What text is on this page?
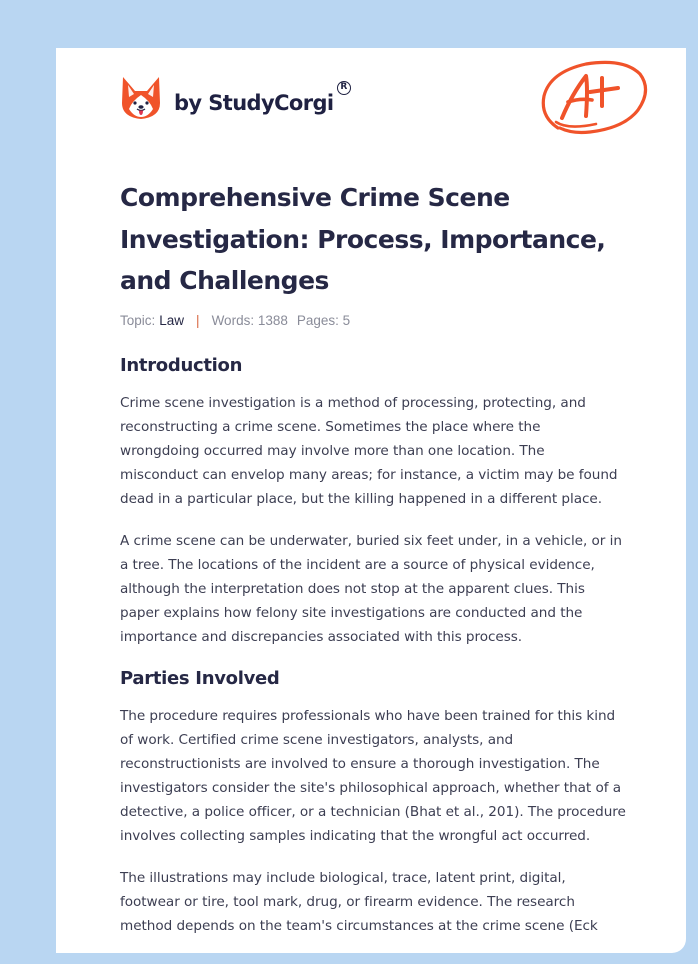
by StudyCorgi
R
Comprehensive Crime Scene
Investigation: Process, Importance,
and Challenges
Topic: Law | Words: 1388 Pages: 5
Introduction

Crime scene investigation is a method of processing, protecting, and
reconstructing a crime scene. Sometimes the place where the
wrongdoing occurred may involve more than one location. The
misconduct can envelop many areas; for instance, a victim may be found
dead in a particular place, but the killing happened in a different place.

A crime scene can be underwater, buried six feet under, in a vehicle, or in
a tree. The locations of the incident are a source of physical evidence,
although the interpretation does not stop at the apparent clues. This
paper explains how felony site investigations are conducted and the
importance and discrepancies associated with this process.

Parties Involved

The procedure requires professionals who have been trained for this kind
of work. Certified crime scene investigators, analysts, and
reconstructionists are involved to ensure a thorough investigation. The
investigators consider the site's philosophical approach, whether that of a
detective, a police officer, or a technician (Bhat et al., 201). The procedure
involves collecting samples indicating that the wrongful act occurred.

The illustrations may include biological, trace, latent print, digital,
footwear or tire, tool mark, drug, or firearm evidence. The research
method depends on the team's circumstances at the crime scene (Eck
